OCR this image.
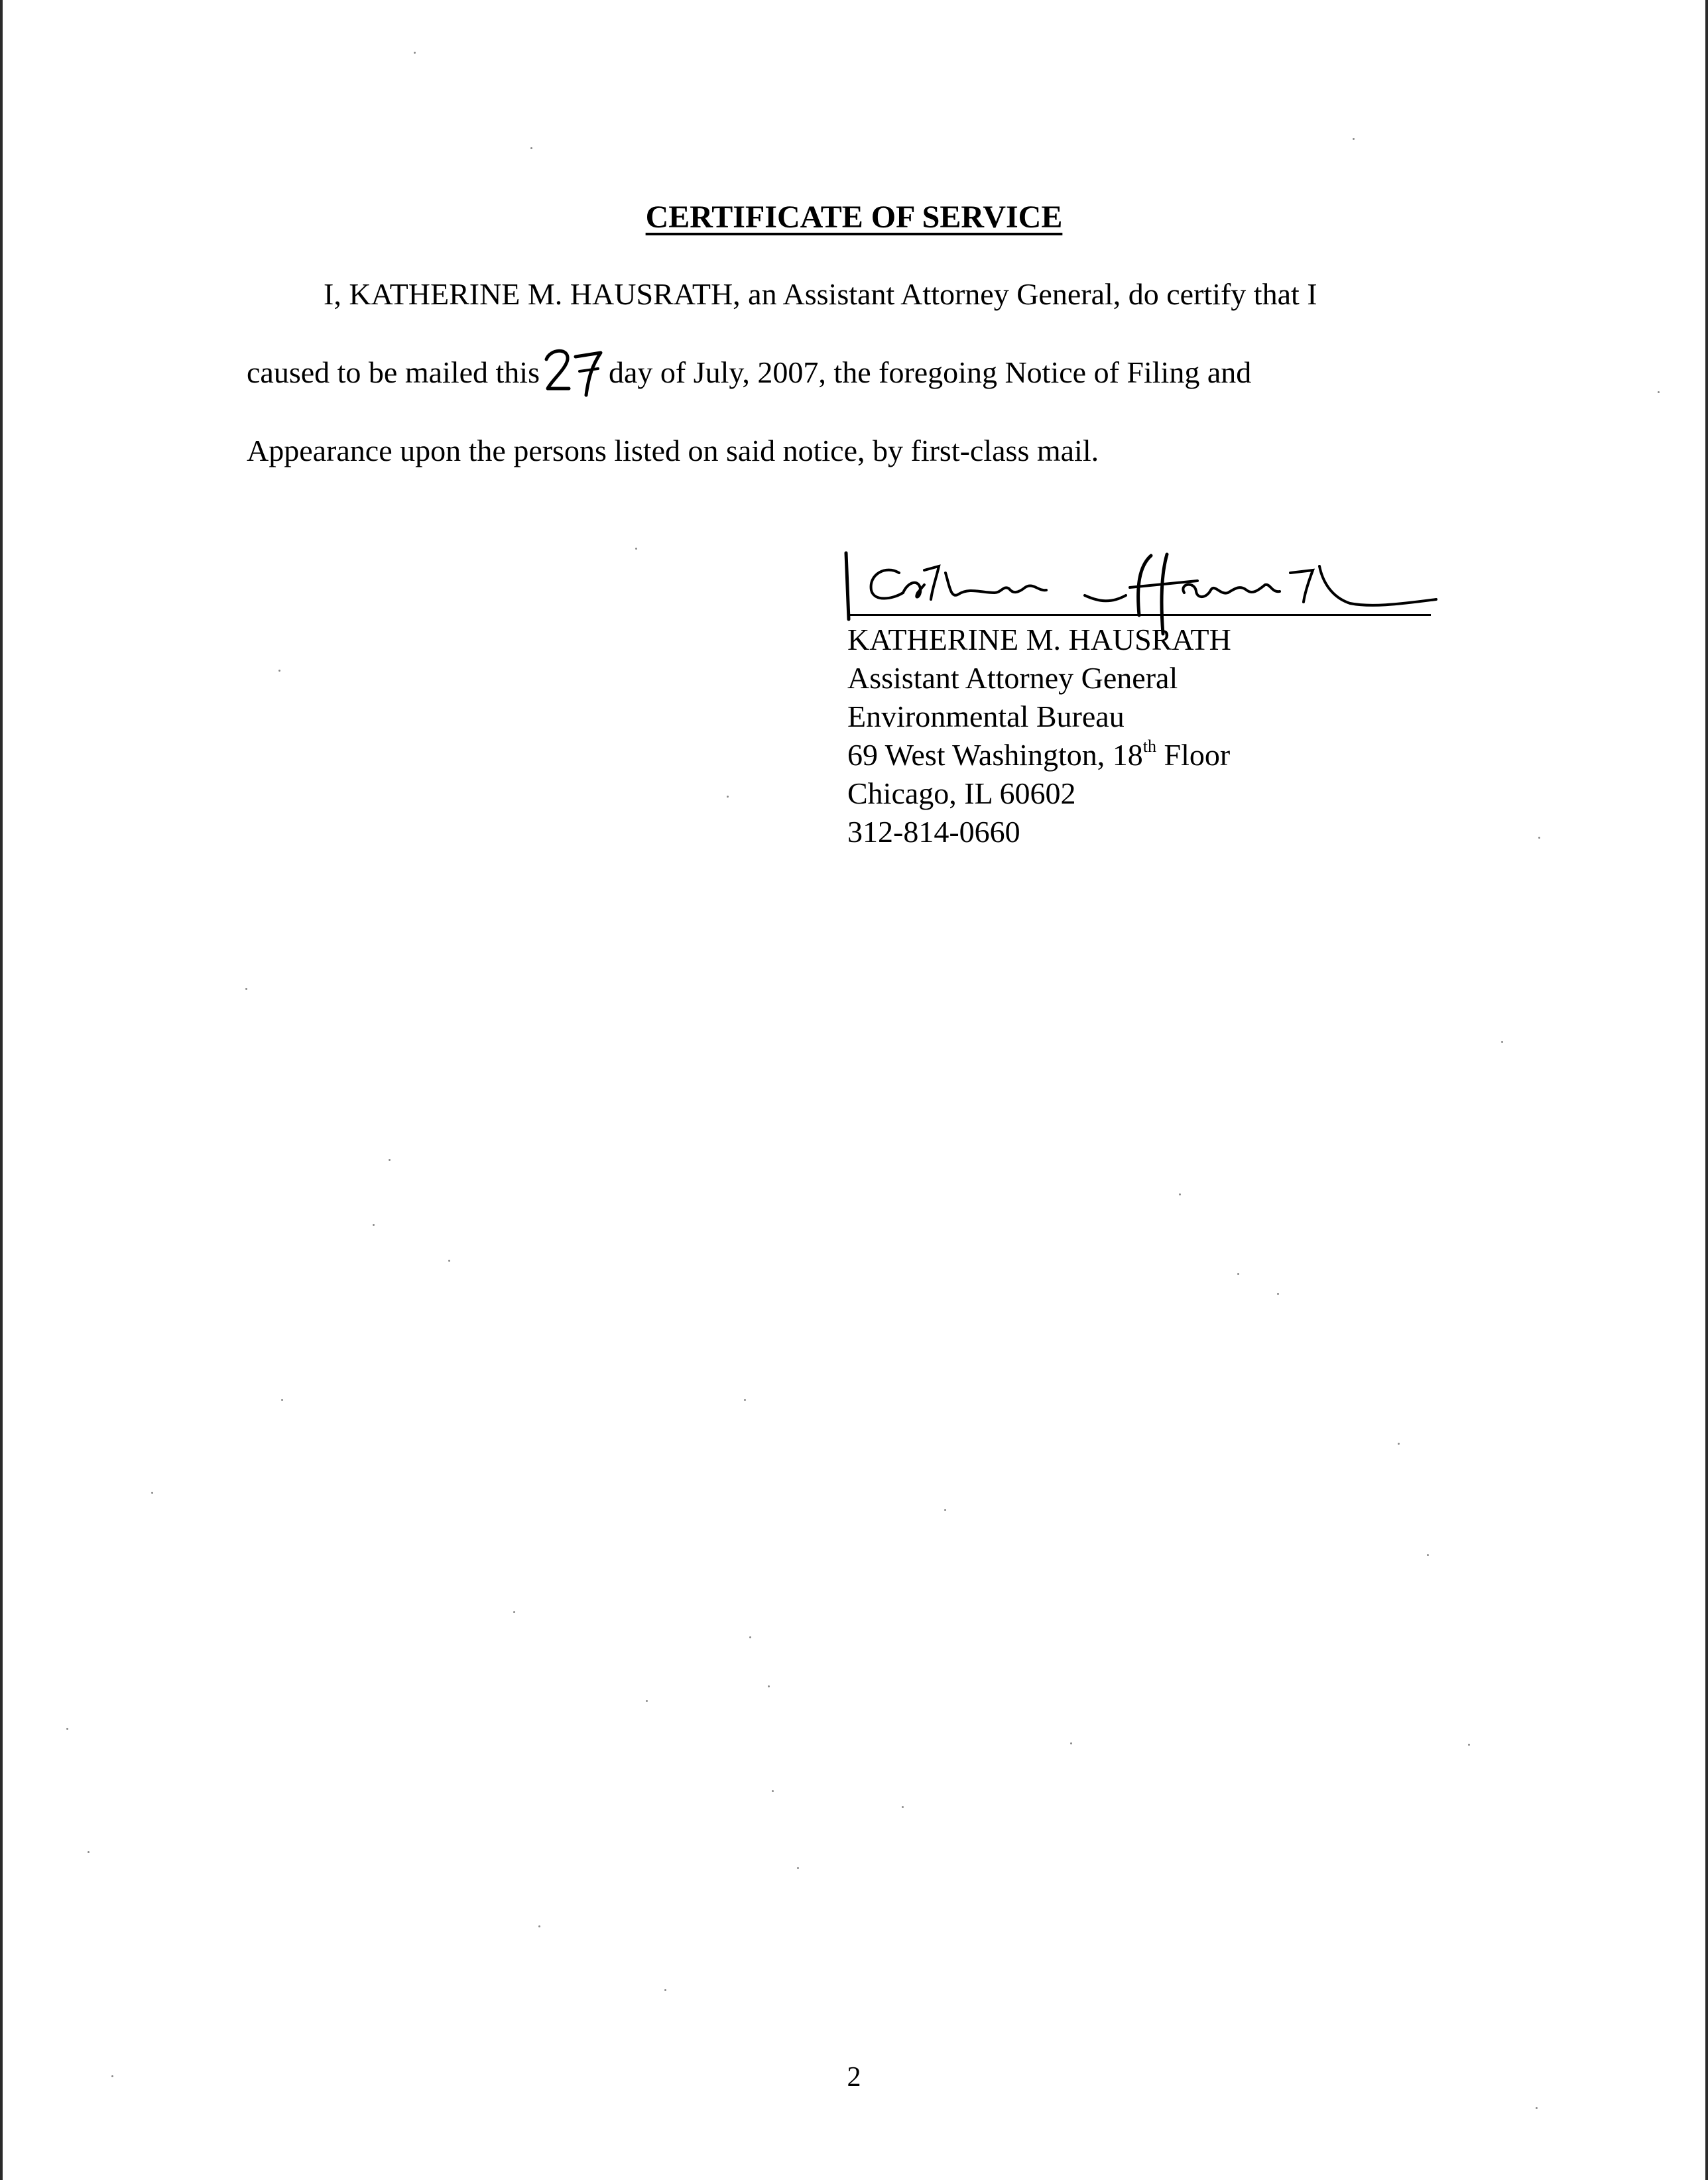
CERTIFICATE OF SERVICE

I, KATHERINE M. HAUSRATH, an Assistant Attorney General, do certify that I

caused to be mailed this day of July, 2007, the foregoing Notice of Filing and

Appearance upon the persons listed on said notice, by first-class mail.

KATHERINE M. HAUSRATH
Assistant Attorney General
Environmental Bureau
69 West Washington, 18th Floor
Chicago, IL 60602
312-814-0660
2
